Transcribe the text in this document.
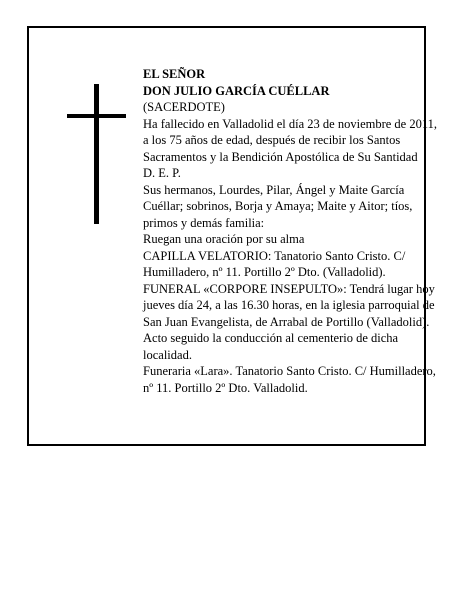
EL SEÑOR
DON JULIO GARCÍA CUÉLLAR
(SACERDOTE)
Ha fallecido en Valladolid el día 23 de noviembre de 2011, a los 75 años de edad, después de recibir los Santos Sacramentos y la Bendición Apostólica de Su Santidad
D. E. P.
Sus hermanos, Lourdes, Pilar, Ángel y Maite García Cuéllar; sobrinos, Borja y Amaya; Maite y Aitor; tíos, primos y demás familia:
Ruegan una oración por su alma
CAPILLA VELATORIO: Tanatorio Santo Cristo. C/ Humilladero, nº 11. Portillo 2º Dto. (Valladolid).
FUNERAL «CORPORE INSEPULTO»: Tendrá lugar hoy jueves día 24, a las 16.30 horas, en la iglesia parroquial de San Juan Evangelista, de Arrabal de Portillo (Valladolid). Acto seguido la conducción al cementerio de dicha localidad.
Funeraria «Lara». Tanatorio Santo Cristo. C/ Humilladero, nº 11. Portillo 2º Dto. Valladolid.
